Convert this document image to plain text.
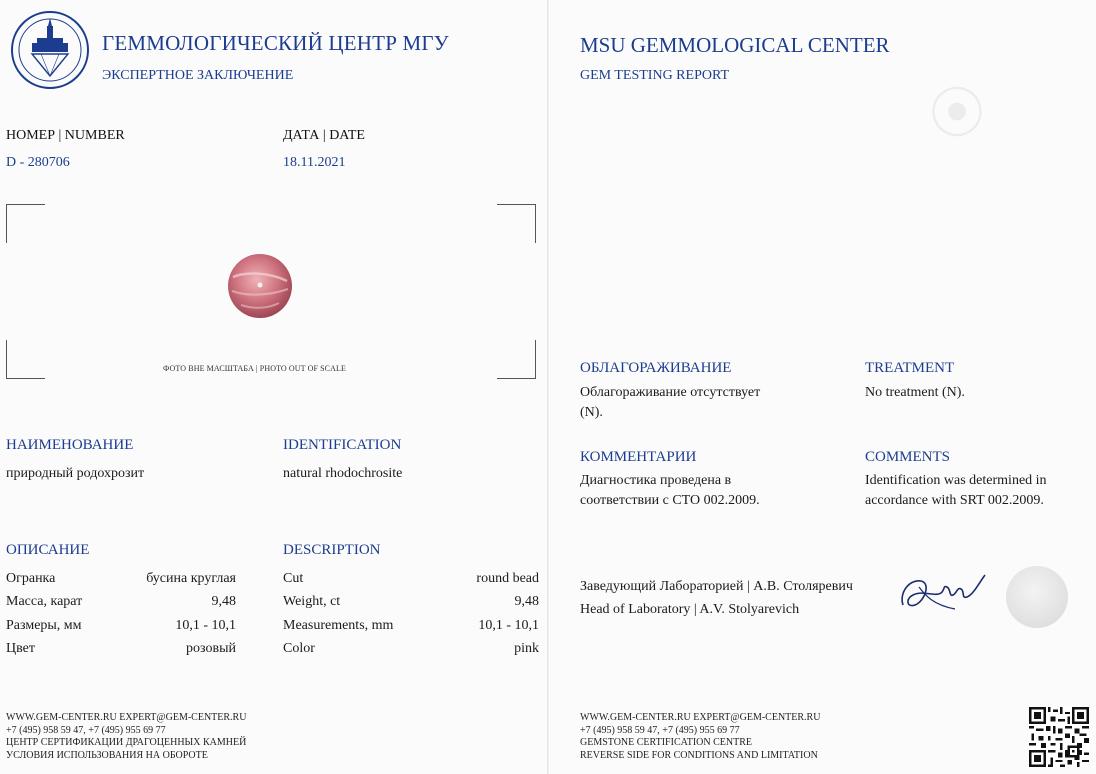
ГЕММОЛОГИЧЕСКИЙ ЦЕНТР МГУ
ЭКСПЕРТНОЕ ЗАКЛЮЧЕНИЕ
НОМЕР | NUMBER
D - 280706
ДАТА | DATE
18.11.2021
ФОТО ВНЕ МАСШТАБА | PHOTO OUT OF SCALE
НАИМЕНОВАНИЕ
природный родохрозит
IDENTIFICATION
natural rhodochrosite
ОПИСАНИЕ	DESCRIPTION
Огранка	бусина круглая
Масса, карат	9,48
Размеры, мм	10,1 - 10,1
Цвет	розовый
Cut	round bead
Weight, ct	9,48
Measurements, mm	10,1 - 10,1
Color	pink
WWW.GEM-CENTER.RU EXPERT@GEM-CENTER.RU
+7 (495) 958 59 47, +7 (495) 955 69 77
ЦЕНТР СЕРТИФИКАЦИИ ДРАГОЦЕННЫХ КАМНЕЙ
УСЛОВИЯ ИСПОЛЬЗОВАНИЯ НА ОБОРОТЕ
⦿
MSU GEMMOLOGICAL CENTER
GEM TESTING REPORT
ОБЛАГОРАЖИВАНИЕ
Облагораживание отсутствует
(N).
TREATMENT
No treatment (N).
КОММЕНТАРИИ
Диагностика проведена в
соответствии с СТО 002.2009.
COMMENTS
Identification was determined in
accordance with SRT 002.2009.
Заведующий Лабораторией | А.В. Столяревич
Head of Laboratory | A.V. Stolyarevich
WWW.GEM-CENTER.RU EXPERT@GEM-CENTER.RU
+7 (495) 958 59 47, +7 (495) 955 69 77
GEMSTONE CERTIFICATION CENTRE
REVERSE SIDE FOR CONDITIONS AND LIMITATION
